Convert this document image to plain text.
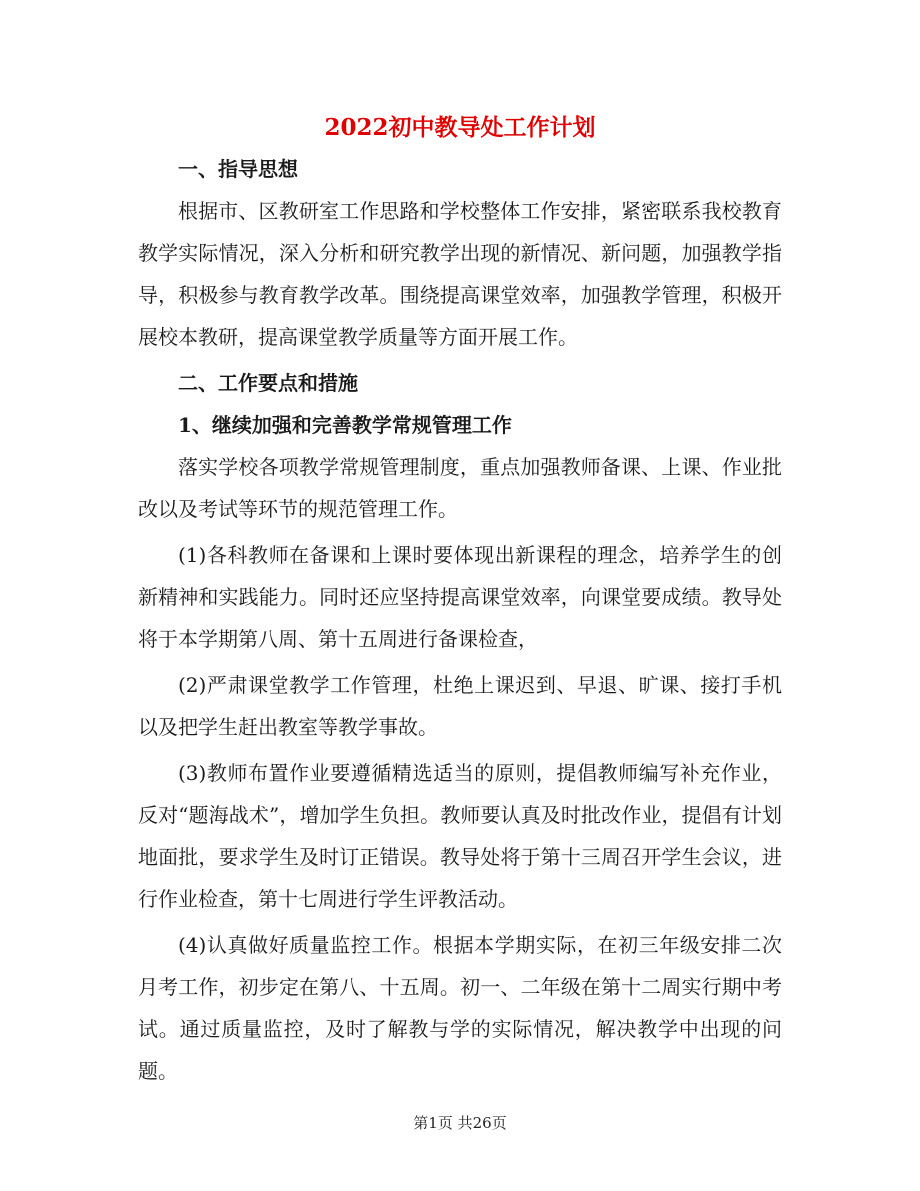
2022初中教导处工作计划

一、指导思想

根据市、区教研室工作思路和学校整体工作安排，紧密联系我校教育教学实际情况，深入分析和研究教学出现的新情况、新问题，加强教学指导，积极参与教育教学改革。围绕提高课堂效率，加强教学管理，积极开展校本教研，提高课堂教学质量等方面开展工作。

二、工作要点和措施

1、继续加强和完善教学常规管理工作

落实学校各项教学常规管理制度，重点加强教师备课、上课、作业批改以及考试等环节的规范管理工作。

(1)各科教师在备课和上课时要体现出新课程的理念，培养学生的创新精神和实践能力。同时还应坚持提高课堂效率，向课堂要成绩。教导处将于本学期第八周、第十五周进行备课检查，

(2)严肃课堂教学工作管理，杜绝上课迟到、早退、旷课、接打手机以及把学生赶出教室等教学事故。

(3)教师布置作业要遵循精选适当的原则，提倡教师编写补充作业，反对“题海战术”，增加学生负担。教师要认真及时批改作业，提倡有计划地面批，要求学生及时订正错误。教导处将于第十三周召开学生会议，进行作业检查，第十七周进行学生评教活动。

(4)认真做好质量监控工作。根据本学期实际，在初三年级安排二次月考工作，初步定在第八、十五周。初一、二年级在第十二周实行期中考试。通过质量监控，及时了解教与学的实际情况，解决教学中出现的问题。

第1页 共26页
